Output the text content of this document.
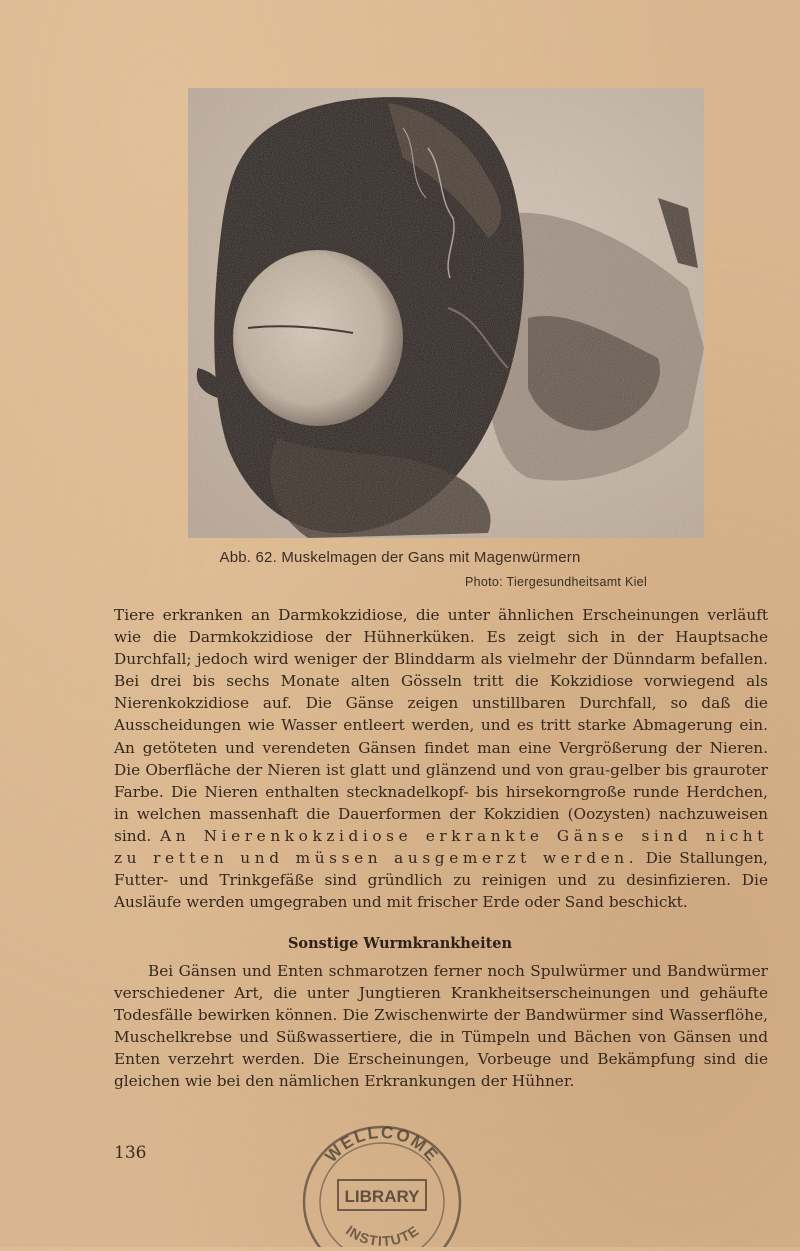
Abb. 62. Muskelmagen der Gans mit Magenwürmern
Photo: Tiergesundheitsamt Kiel

Tiere erkranken an Darmkokzidiose, die unter ähnlichen Erscheinungen verläuft wie die Darmkokzidiose der Hühnerküken. Es zeigt sich in der Hauptsache Durchfall; jedoch wird weniger der Blinddarm als vielmehr der Dünndarm befallen. Bei drei bis sechs Monate alten Gösseln tritt die Kokzidiose vorwiegend als Nierenkokzidiose auf. Die Gänse zeigen unstillbaren Durchfall, so daß die Ausscheidungen wie Wasser entleert werden, und es tritt starke Abmagerung ein. An getöteten und verendeten Gänsen findet man eine Vergrößerung der Nieren. Die Oberfläche der Nieren ist glatt und glänzend und von grau-gelber bis grauroter Farbe. Die Nieren enthalten stecknadelkopf- bis hirsekorngroße runde Herdchen, in welchen massenhaft die Dauerformen der Kokzidien (Oozysten) nachzuweisen sind. An Nierenkokzidiose erkrankte Gänse sind nicht zu retten und müssen ausgemerzt werden. Die Stallungen, Futter- und Trinkgefäße sind gründlich zu reinigen und zu desinfizieren. Die Ausläufe werden umgegraben und mit frischer Erde oder Sand beschickt.

Sonstige Wurmkrankheiten

Bei Gänsen und Enten schmarotzen ferner noch Spulwürmer und Bandwürmer verschiedener Art, die unter Jungtieren Krankheitserscheinungen und gehäufte Todesfälle bewirken können. Die Zwischenwirte der Bandwürmer sind Wasserflöhe, Muschelkrebse und Süßwassertiere, die in Tümpeln und Bächen von Gänsen und Enten verzehrt werden. Die Erscheinungen, Vorbeuge und Bekämpfung sind die gleichen wie bei den nämlichen Erkrankungen der Hühner.

136	WELLCOME
LIBRARY
INSTITUTE
